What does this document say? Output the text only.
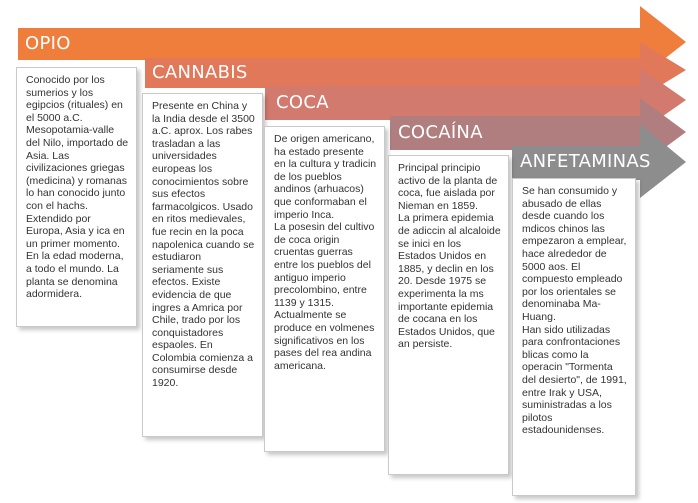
OPIO
CANNABIS
COCA
COCAÍNA
ANFETAMINAS

Conocido por los sumerios y los egipcios (rituales) en el 5000 a.C. Mesopotamia-valle del Nilo, importado de Asia. Las civilizaciones griegas (medicina) y romanas lo han conocido junto con el hachs. Extendido por Europa, Asia y ica en un primer momento. En la edad moderna, a todo el mundo. La planta se denomina adormidera.

Presente en China y la India desde el 3500 a.C. aprox. Los rabes trasladan a las universidades europeas los conocimientos sobre sus efectos farmacolgicos. Usado en ritos medievales, fue recin en la poca napolenica cuando se estudiaron seriamente sus efectos. Existe evidencia de que ingres a Amrica por Chile, trado por los conquistadores espaoles. En Colombia comienza a consumirse desde 1920.

De origen americano, ha estado presente en la cultura y tradicin de los pueblos andinos (arhuacos) que conformaban el imperio Inca.

La posesin del cultivo de coca origin cruentas guerras entre los pueblos del antiguo imperio precolombino, entre 1139 y 1315. Actualmente se produce en volmenes significativos en los pases del rea andina americana.

Principal principio activo de la planta de coca, fue aislada por Nieman en 1859.

La primera epidemia de adiccin al alcaloide se inici en los Estados Unidos en 1885, y declin en los 20. Desde 1975 se experimenta la ms importante epidemia de cocana en los Estados Unidos, que an persiste.

Se han consumido y abusado de ellas desde cuando los mdicos chinos las empezaron a emplear, hace alrededor de 5000 aos. El compuesto empleado por los orientales se denominaba Ma-Huang.

Han sido utilizadas para confrontaciones blicas como la operacin "Tormenta del desierto", de 1991, entre Irak y USA, suministradas a los pilotos estadounidenses.
